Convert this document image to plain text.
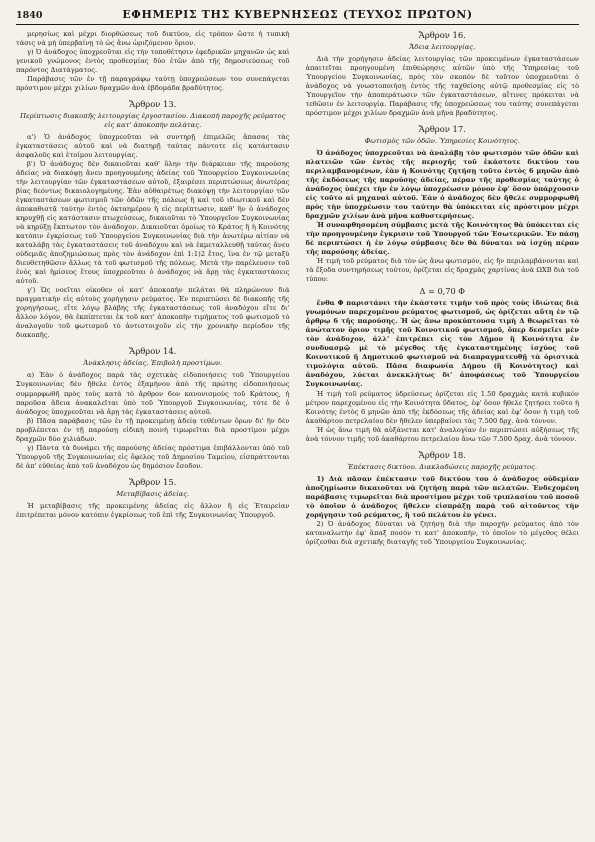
1840	ΕΦΗΜΕΡΙΣ ΤΗΣ ΚΥΒΕΡΝΗΣΕΩΣ (ΤΕΥΧΟΣ ΠΡΩΤΟΝ)

μερησίως καὶ μέχρι διορθώσεως τοῦ δικτύου, εἰς τρόπον ὥστε ἡ τυπικὴ τάσις νὰ μὴ ὑπερβαίνῃ τὸ ὡς ἄνω ὡριζόμενον ὅριον.

γ) Ὁ ἀνάδοχος ὑποχρεοῦται εἰς τὴν τοποθέτησιν ἐφεδρικῶν μηχανῶν ὡς καὶ γενικοῦ γνώμονος ἐντὸς προθεσμίας δύο ἐτῶν ἀπὸ τῆς δημοσιεύσεως τοῦ παρόντος Διατάγματος.

Παράβασις τῶν ἐν τῇ παραγράφῳ ταύτῃ ὑποχρεώσεων του συνεπάγεται πρόστιμον μέχρι χιλίων δραχμῶν ἀνὰ ἑβδομάδα βραδύτητος.

Ἄρθρον 13.
Περίπτωσις διακοπῆς λειτουργίας ἐργοστασίου. Διακοπὴ παροχῆς ρεύματος εἰς κατ' ἀποκοπὴν πελάτας.

α') Ὁ ἀνάδοχος ὑποχρεοῦται νὰ συντηρῇ ἐπιμελῶς ἅπασας τὰς ἐγκαταστάσεις αὐτοῦ καὶ νὰ διατηρῇ ταύτας πάντοτε εἰς κατάστασιν ἀσφαλοῦς καὶ ἑτοίμου λειτουργίας.

β') Ὁ ἀνάδοχος δὲν δικαιοῦται καθ' ὅλην τὴν διάρκειαν τῆς παρούσης ἀδείας νὰ διακόψῃ ἄνευ προηγουμένης ἀδείας τοῦ Ὑπουργείου Συγκοινωνίας τὴν λειτουργίαν τῶν ἐγκαταστάσεων αὐτοῦ, ἐξαιρέσει περιπτώσεως ἀνωτέρας βίας δεόντως δικαιολογημένης. Ἐὰν αὐθαιρέτως διακόψῃ τὴν λειτουργίαν τῶν ἐγκαταστάσεων φωτισμοῦ τῶν ὁδῶν τῆς πόλεως ἢ καὶ τοῦ ιδιωτικοῦ καὶ δὲν ἀποκαθιστᾷ ταύτην ἐντὸς ὀκταημέρου ἢ εἰς περίπτωσιν, καθ' ἣν ὁ ἀνάδοχος κηρυχθῇ εἰς κατάστασιν πτωχεύσεως, δικαιοῦται τὸ Ὑπουργεῖον Συγκοινωνίας νὰ κηρύξῃ ἔκπτωτον τὸν ἀνάδοχον. Δικαιοῦται ὁμοίως τὸ Κράτος ἢ ἡ Κοινότης κατόπιν ἐγκρίσεως τοῦ Ὑπουργείου Συγκοινωνίας διὰ τὴν ἀνωτέρω αἰτίαν νὰ καταλάβῃ τὰς ἐγκαταστάσεις τοῦ ἀναδόχου καὶ νὰ ἐκμεταλλευθῇ ταύτας ἄνευ οὐδεμιᾶς ἀποζημιώσεως πρὸς τὸν ἀνάδοχον ἐπὶ 1:1)2 ἔτος, ἵνα ἐν τῷ μεταξὺ διευθετηθῶσιν ἄλλως τὰ τοῦ φωτισμοῦ τῆς πόλεως. Μετὰ τὴν παρέλευσιν τοῦ ἑνὸς καὶ ἡμίσεος ἔτους ὑποχρεοῦται ὁ ἀνάδοχος νὰ ἄρῃ τὰς ἐγκαταστάσεις αὐτοῦ.

γ') Ὡς νοεῖται οἰκοθεν οἱ κατ' ἀποκοπὴν πελάται θὰ πληρώνουν διὰ πραγματικὴν εἰς αὐτοὺς χορήγησιν ρεύματος. Ἐν περιπτώσει δὲ διακοπῆς τῆς χορηγήσεως, εἴτε λόγῳ βλάβης τῆς ἐγκαταστάσεως τοῦ ἀναδόχου εἴτε δι' ἄλλον λόγον, θὰ ἐκπίπτεται ἐκ τοῦ κατ' ἀποκοπὴν τιμήματος τοῦ φωτισμοῦ τὸ ἀναλογοῦν τοῦ φωτισμοῦ τὸ ἀντιστοιχοῦν εἰς τὴν χρονικὴν περίοδον τῆς διακοπῆς.

Ἄρθρον 14.
Ἀνάκλησις ἀδείας. Ἐπιβολὴ προστίμων.

α) Ἐὰν ὁ ἀνάδοχος παρὰ τὰς σχετικὰς εἰδοποιήσεις τοῦ Ὑπουργείου Συγκοινωνίας δὲν ἤθελε ἐντὸς ἑξαμήνου ἀπὸ τῆς πρώτης εἰδοποιήσεως συμμορφωθῆ πρὸς τοὺς κατὰ τὸ ἄρθρον 6ον κανονισμοὺς τοῦ Κράτους, ἡ παροῦσα ἄδεια ἀνακαλεῖται ὑπὸ τοῦ Ὑπουργοῦ Συγκοινωνίας, τότε δὲ ὁ ἀνάδοχος ὑποχρεοῦται νὰ ἄρῃ τὰς ἐγκαταστάσεις αὐτοῦ.

β) Πᾶσα παράβασις τῶν ἐν τῇ προκειμένῃ ἀδείᾳ τεθέντων ὅρων δι' ἣν δὲν προβλέπεται ἐν τῇ παρούσῃ εἰδικὴ ποινὴ τιμωρεῖται διὰ προστίμου μέχρι δραχμῶν δύο χιλιάδων.

γ) Πάντα τὰ δυνάμει τῆς παρούσης ἀδείας πρόστιμα ἐπιβάλλονται ὑπὸ τοῦ Ὑπουργοῦ τῆς Συγκοινωνίας εἰς ὄφελος τοῦ Δημοσίου Ταμείου, εἰσπράττονται δὲ ἀπ' εὐθείας ἀπὸ τοῦ ἀναδόχου ὡς δημόσιον ἔσοδον.

Ἄρθρον 15.
Μεταβίβασις ἀδείας.

Ἡ μεταβίβασις τῆς προκειμένης ἀδείας εἰς ἄλλον ἢ εἰς Ἑταιρείαν ἐπιτρέπεται μόνον κατόπιν ἐγκρίσεως τοῦ ἐπὶ τῆς Συγκοινωνίας Ὑπουργοῦ.

Ἄρθρον 16.
Ἄδεια λειτουργίας.

Διὰ τὴν χορήγησιν ἀδείας λειτουργίας τῶν προκειμένων ἐγκαταστάσεων ἀπαιτεῖται προηγουμένη ἐπιθεώρησις αὐτῶν ὑπὸ τῆς Ὑπηρεσίας τοῦ Ὑπουργείου Συγκοινωνίας, πρὸς τὸν σκοπὸν δὲ τοῦτον ὑποχρεοῦται ὁ ἀνάδοχος νὰ γνωστοποιήσῃ ἐντὸς τῆς ταχθείσης αὐτῷ προθεσμίας εἰς τὸ Ὑπουργεῖον τὴν ἀποπεράτωσιν τῶν ἐγκαταστάσεων, αἵτινες πρόκειται νὰ τεθῶσιν ἐν λειτουργίᾳ. Παράβασις τῆς ὑποχρεώσεως του ταύτης συνεπάγεται πρόστιμον μέχρι χιλίων δραχμῶν ἀνὰ μῆνα βραδύτητος.

Ἄρθρον 17.
Φωτισμὸς τῶν ὁδῶν. Ὑπηρεσίες Κοινότητος.

Ὁ ἀνάδοχος ὑποχρεοῦται νὰ ἀναλάβῃ τὸν φωτισμὸν τῶν ὁδῶν καὶ πλατειῶν τῶν ἐντὸς τῆς περιοχῆς τοῦ ἐκάστοτε δικτύου του περιλαμβανομένων, ἐὰν ἡ Κοινότης ζητήσῃ τοῦτο ἐντὸς 6 μηνῶν ἀπὸ τῆς ἐκδόσεως τῆς παρούσης ἀδείας, πέραν τῆς προθεσμίας ταύτης ὁ ἀνάδοχος ὑπέχει τὴν ἐν λόγῳ ὑποχρέωσιν μόνον ἐφ' ὅσον ὑπάρχουσιν εἰς τοῦτο αἱ μηχαναὶ αὐτοῦ. Ἐὰν ὁ ἀνάδοχος δὲν ἤθελε συμμορφωθῆ πρὸς τὴν ὑποχρέωσιν του ταύτην θὰ ὑπόκειται εἰς πρόστιμον μέχρι δραχμῶν χιλίων ἀνὰ μῆνα καθυστερήσεως.

Ἡ συναφθησομένη σύμβασις μετὰ τῆς Κοινότητος θὰ ὑπόκειται εἰς τὴν προηγουμένην ἔγκρισιν τοῦ Ὑπουργοῦ τῶν Ἐσωτερικῶν. Ἐν πάσῃ δὲ περιπτώσει ἡ ἐν λόγῳ σύμβασις δὲν θὰ δύναται νὰ ἰσχύῃ πέραν τῆς παρούσης ἀδείας.

Ἡ τιμὴ τοῦ ρεύματος διὰ τὸν ὡς ἄνω φωτισμόν, εἰς ἣν περιλαμβάνονται καὶ τὰ ἔξοδα συντηρήσεως τούτου, ὁρίζεται εἰς δραχμὰς χαρτίνας ἀνὰ ΩΧΒ διὰ τοῦ τύπου:

Δ = 0,70 Φ

ἔνθα Φ παριστάνει τὴν ἑκάστοτε τιμὴν τοῦ πρὸς τοὺς ἰδιώτας διὰ γνωμόνων παρεχομένου ρεύματος φωτισμοῦ, ὡς ὁρίζεται αὕτη ἐν τῷ ἄρθρῳ 6 τῆς παρούσης. Ἡ ὡς ἄνω προκύπτουσα τιμὴ Δ θεωρεῖται τὸ ἀνώτατον ὅριον τιμῆς τοῦ Κοινοτικοῦ φωτισμοῦ, ὅπερ δεσμεῖει μὲν τὸν ἀνάδοχον, ἀλλ' ἐπιτρέπει εἰς τὸν Δῆμον ἢ Κοινότητα ἐν συνδυασμῷ μὲ τὸ μέγεθος τῆς ἐγκαταστημένης ἰσχύος τοῦ Κοινοτικοῦ ἢ Δημοτικοῦ φωτισμοῦ νὰ διαπραγματευθῇ τὰ ὁριστικὰ τιμολόγια αὐτοῦ. Πᾶσα διαφωνία Δήμου (ἢ Κοινότητος) καὶ ἀναδόχου, λύεται ἀνεκκλήτως δι' ἀποφάσεως τοῦ Ὑπουργείου Συγκοινωνίας.

Ἡ τιμὴ τοῦ ρεύματος ὑδρεύσεως ὁρίζεται εἰς 1.50 δραχμὰς κατὰ κυβικὸν μέτρον παρεχομένου εἰς τὴν Κοινότητα ὕδατος, ἐφ' ὅσον ἤθελε ζητήσει τοῦτο ἡ Κοινότης ἐντὸς 6 μηνῶν ἀπὸ τῆς ἐκδόσεως τῆς ἀδείας καὶ ἐφ' ὅσον ἡ τιμὴ τοῦ ἀκαθάρτου πετρελαίου δὲν ἤθελεν ὑπερβαίνει τὰς 7.500 δρχ. ἀνὰ τόννον.

Ἡ ὡς ἄνω τιμὴ θὰ αὐξάνεται κατ' ἀναλογίαν ἐν περιπτώσει αὐξήσεως τῆς ἀνὰ τόννον τιμῆς τοῦ ἀκαθάρτου πετρελαίου ἄνω τῶν 7.500 δραχ. ἀνὰ τόννον.

Ἄρθρον 18.
Ἐπέκτασις δικτύου. Διακλαδώσεις παροχῆς ρεύματος.

1) Διὰ πᾶσαν ἐπέκτασιν τοῦ δικτύου του ὁ ἀνάδοχος οὐδεμίαν ἀποζημίωσιν δικαιοῦται νὰ ζητήσῃ παρὰ τῶν πελατῶν. Ἐνδεχομένη παράβασις τιμωρεῖται διὰ προστίμου μέχρι τοῦ τριπλασίου τοῦ ποσοῦ τὸ ὁποῖον ὁ ἀνάδοχος ἤθελεν εἰσπράξῃ παρὰ τοῦ αἰτοῦντος τὴν χορήγησιν τοῦ ρεύματος, ἢ τοῦ πελάτου ἐν γένει.

2) Ὁ ἀνάδοχος δύναται νὰ ζητήσῃ διὰ τὴν παροχὴν ρεύματος ἀπὸ τὸν καταναλωτὴν ἐφ' ἅπαξ ποσὸν τι κατ' ἀποκοπήν, τὸ ὁποῖον τὸ μέγεθος θέλει ὁρίζεσθαι διὰ σχετικῆς διαταγῆς τοῦ Ὑπουργείου Συγκοινωνίας.
